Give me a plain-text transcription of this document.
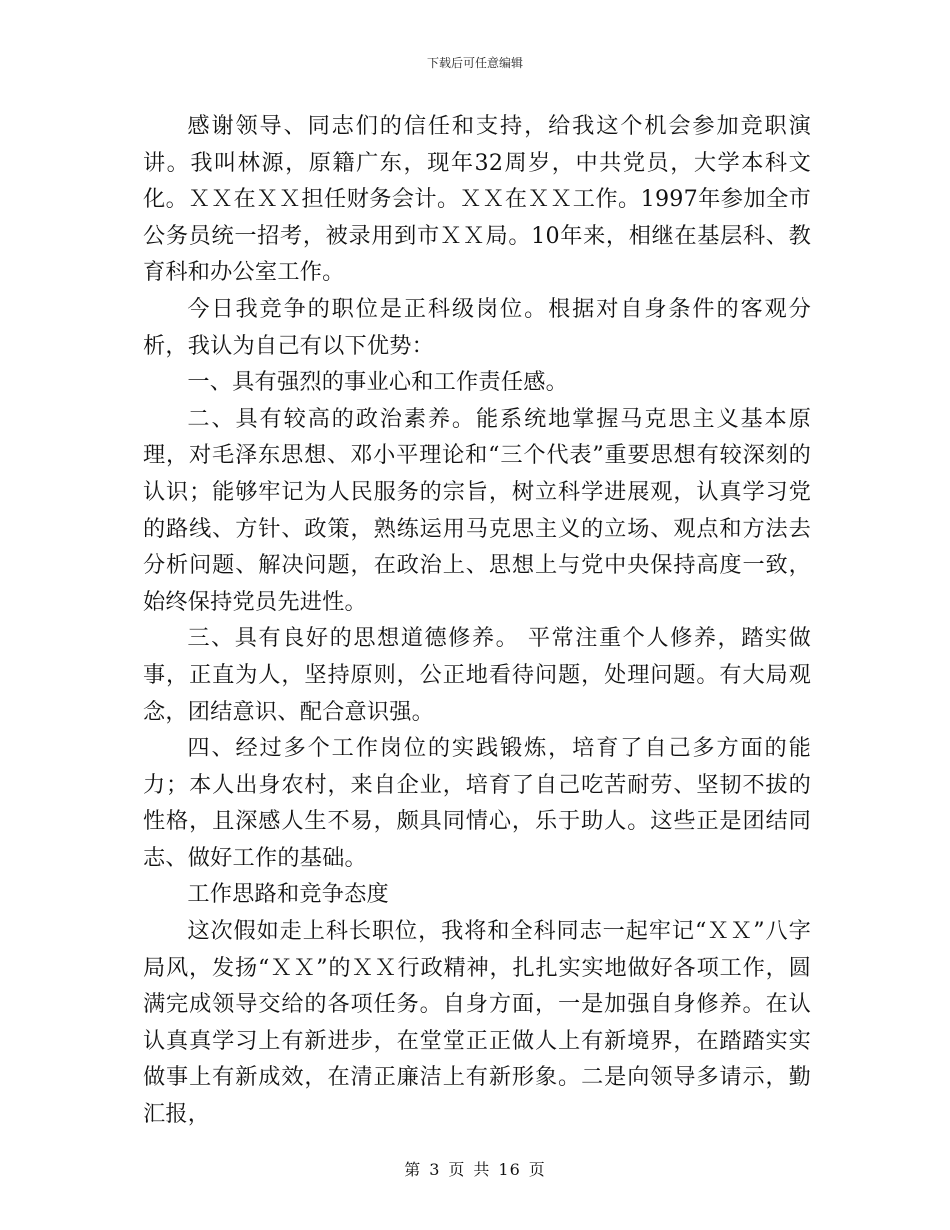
下载后可任意编辑

感谢领导、同志们的信任和支持，给我这个机会参加竞职演讲。我叫林源，原籍广东，现年32周岁，中共党员，大学本科文化。ＸＸ在ＸＸ担任财务会计。ＸＸ在ＸＸ工作。1997年参加全市公务员统一招考，被录用到市ＸＸ局。10年来，相继在基层科、教育科和办公室工作。

今日我竞争的职位是正科级岗位。根据对自身条件的客观分析，我认为自己有以下优势：

一、具有强烈的事业心和工作责任感。

二、具有较高的政治素养。能系统地掌握马克思主义基本原理，对毛泽东思想、邓小平理论和“三个代表”重要思想有较深刻的认识；能够牢记为人民服务的宗旨，树立科学进展观，认真学习党的路线、方针、政策，熟练运用马克思主义的立场、观点和方法去分析问题、解决问题，在政治上、思想上与党中央保持高度一致，始终保持党员先进性。

三、具有良好的思想道德修养。 平常注重个人修养，踏实做事，正直为人，坚持原则，公正地看待问题，处理问题。有大局观念，团结意识、配合意识强。

四、经过多个工作岗位的实践锻炼，培育了自己多方面的能力；本人出身农村，来自企业，培育了自己吃苦耐劳、坚韧不拔的性格，且深感人生不易，颇具同情心，乐于助人。这些正是团结同志、做好工作的基础。

工作思路和竞争态度

这次假如走上科长职位，我将和全科同志一起牢记“ＸＸ”八字局风，发扬“ＸＸ”的ＸＸ行政精神，扎扎实实地做好各项工作，圆满完成领导交给的各项任务。自身方面，一是加强自身修养。在认认真真学习上有新进步，在堂堂正正做人上有新境界，在踏踏实实做事上有新成效，在清正廉洁上有新形象。二是向领导多请示，勤汇报，

第 3 页 共 16 页
